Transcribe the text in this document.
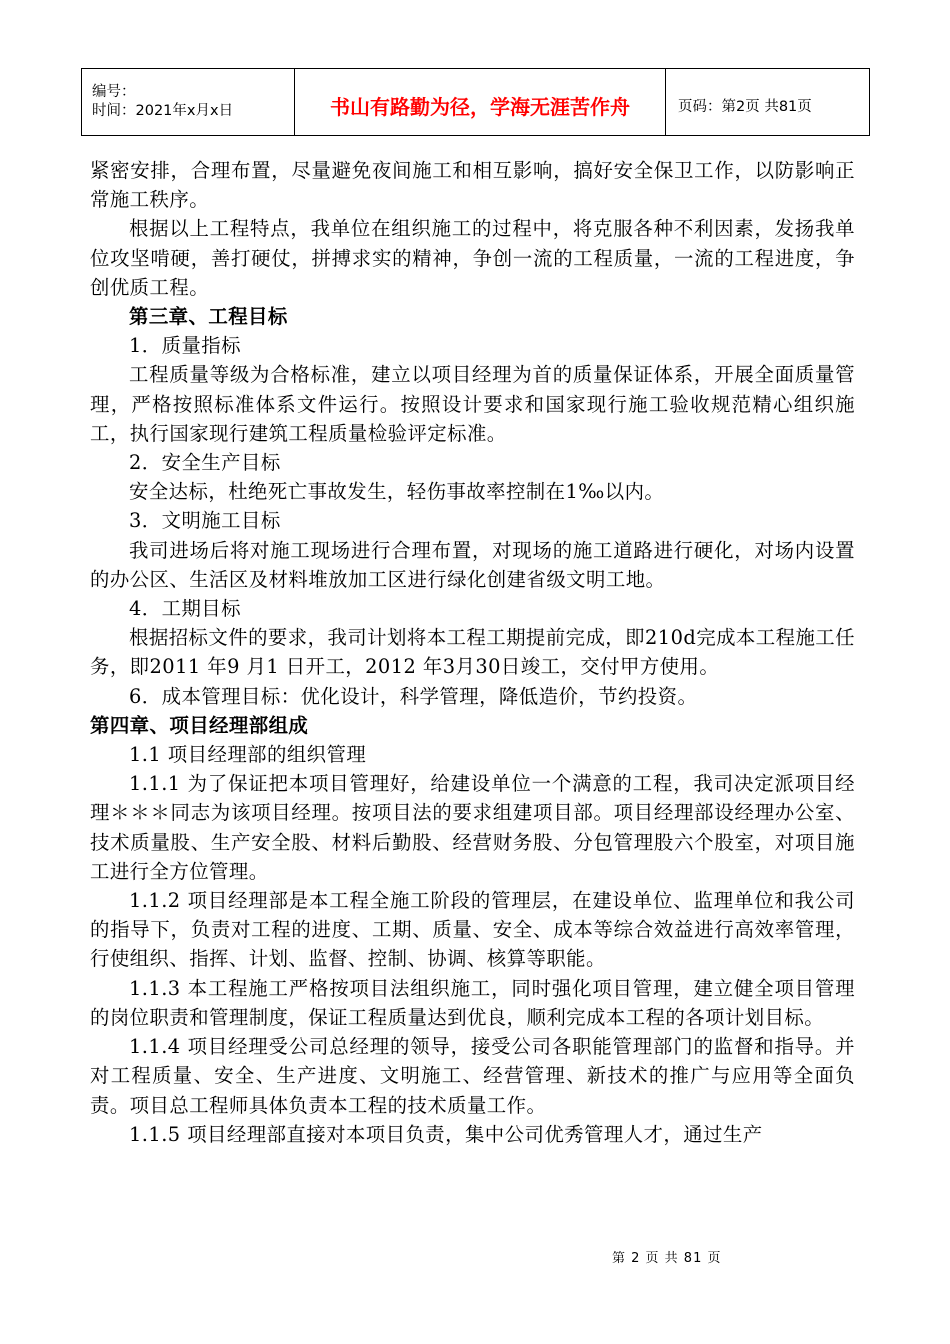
编号：
时间：2021年x月x日	书山有路勤为径，学海无涯苦作舟	页码：第2页 共81页

紧密安排，合理布置，尽量避免夜间施工和相互影响，搞好安全保卫工作，以防影响正常施工秩序。

根据以上工程特点，我单位在组织施工的过程中，将克服各种不利因素，发扬我单位攻坚啃硬，善打硬仗，拼搏求实的精神，争创一流的工程质量，一流的工程进度，争创优质工程。

第三章、工程目标

1．质量指标

工程质量等级为合格标准，建立以项目经理为首的质量保证体系，开展全面质量管理，严格按照标准体系文件运行。按照设计要求和国家现行施工验收规范精心组织施工，执行国家现行建筑工程质量检验评定标准。

2．安全生产目标

安全达标，杜绝死亡事故发生，轻伤事故率控制在1‰以内。

3．文明施工目标

我司进场后将对施工现场进行合理布置，对现场的施工道路进行硬化，对场内设置的办公区、生活区及材料堆放加工区进行绿化创建省级文明工地。

4．工期目标

根据招标文件的要求，我司计划将本工程工期提前完成，即210d完成本工程施工任务，即2011 年9 月1 日开工，2012 年3月30日竣工，交付甲方使用。

6．成本管理目标：优化设计，科学管理，降低造价，节约投资。

第四章、项目经理部组成

1.1 项目经理部的组织管理

1.1.1 为了保证把本项目管理好，给建设单位一个满意的工程，我司决定派项目经理＊＊＊同志为该项目经理。按项目法的要求组建项目部。项目经理部设经理办公室、技术质量股、生产安全股、材料后勤股、经营财务股、分包管理股六个股室，对项目施工进行全方位管理。

1.1.2 项目经理部是本工程全施工阶段的管理层，在建设单位、监理单位和我公司的指导下，负责对工程的进度、工期、质量、安全、成本等综合效益进行高效率管理，行使组织、指挥、计划、监督、控制、协调、核算等职能。

1.1.3 本工程施工严格按项目法组织施工，同时强化项目管理，建立健全项目管理的岗位职责和管理制度，保证工程质量达到优良，顺利完成本工程的各项计划目标。

1.1.4 项目经理受公司总经理的领导，接受公司各职能管理部门的监督和指导。并对工程质量、安全、生产进度、文明施工、经营管理、新技术的推广与应用等全面负责。项目总工程师具体负责本工程的技术质量工作。

1.1.5 项目经理部直接对本项目负责，集中公司优秀管理人才，通过生产

第 2 页 共 81 页
